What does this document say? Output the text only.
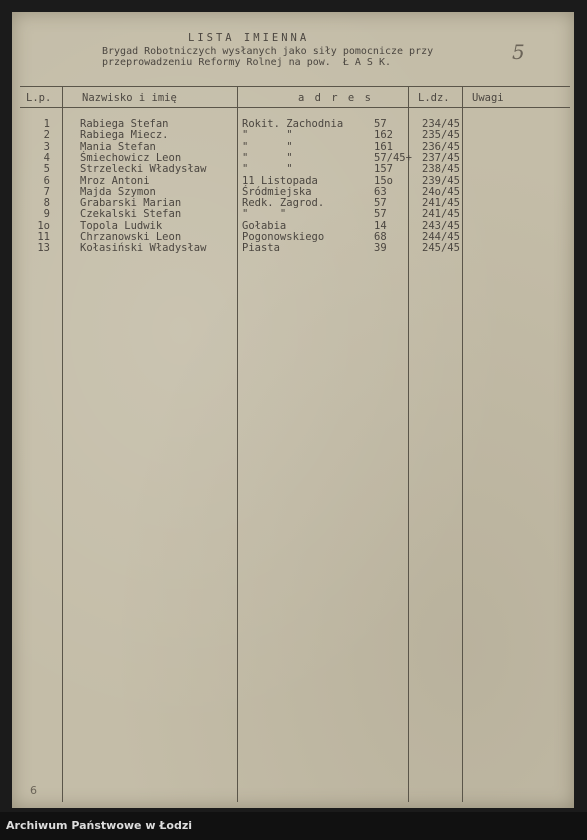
LISTA IMIENNA
Brygad Robotniczych wysłanych jako siły pomocnicze przy
przeprowadzeniu Reformy Rolnej na pow.  Ł A S K.	5
L.p.	Nazwisko i imię	a d r e s	L.dz. Uwagi
1	Rabiega Stefan	Rokit. Zachodnia	57	234/45
2	Rabiega Miecz.	"      "	162	235/45
3	Mania Stefan	"      "	161	236/45
4	Śmiechowicz Leon	"      "	57/45+ 237/45
5	Strzelecki Władysław	"      "	157	238/45
6	Mroz Antoni	11 Listopada	15o	239/45
7	Majda Szymon	Śródmiejska	63	24o/45
8	Grabarski Marian	Redk. Zagrod.	57	241/45
9	Czekalski Stefan	"     "	57	241/45
1o	Topola Ludwik	Gołabia	14	243/45
11	Chrzanowski Leon	Pogonowskiego	68	244/45
13	Kołasiński Władysław	Piasta	39	245/45
6
Archiwum Państwowe w Łodzi
